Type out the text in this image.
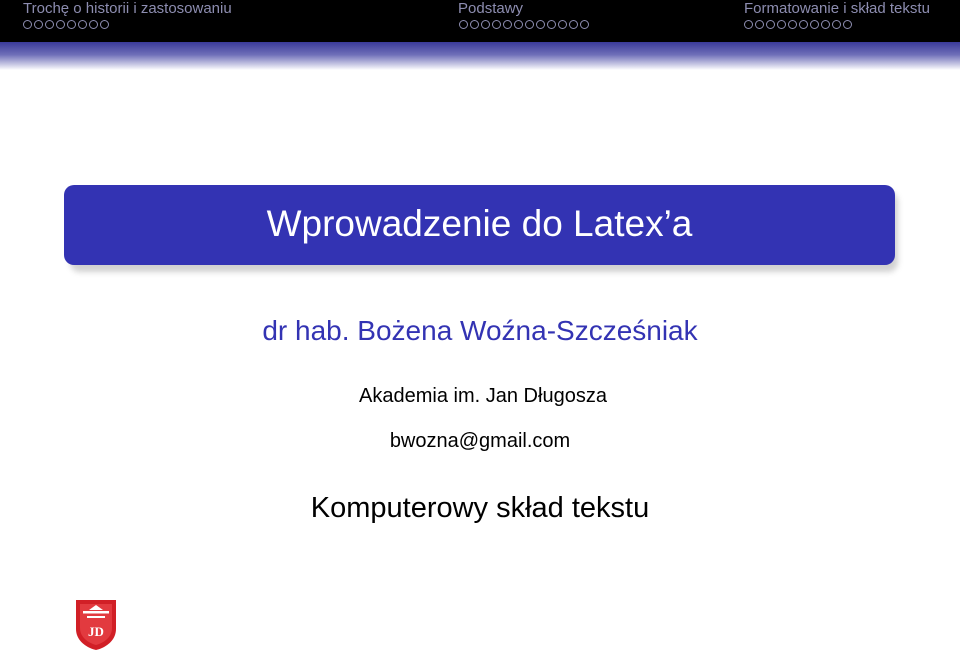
Trochę o historii i zastosowaniu	Podstawy	Formatowanie i skład tekstu
Wprowadzenie do Latex’a
dr hab. Bożena Woźna-Szcześniak
Akademia im. Jan Długosza
bwozna@gmail.com
Komputerowy skład tekstu
JD
